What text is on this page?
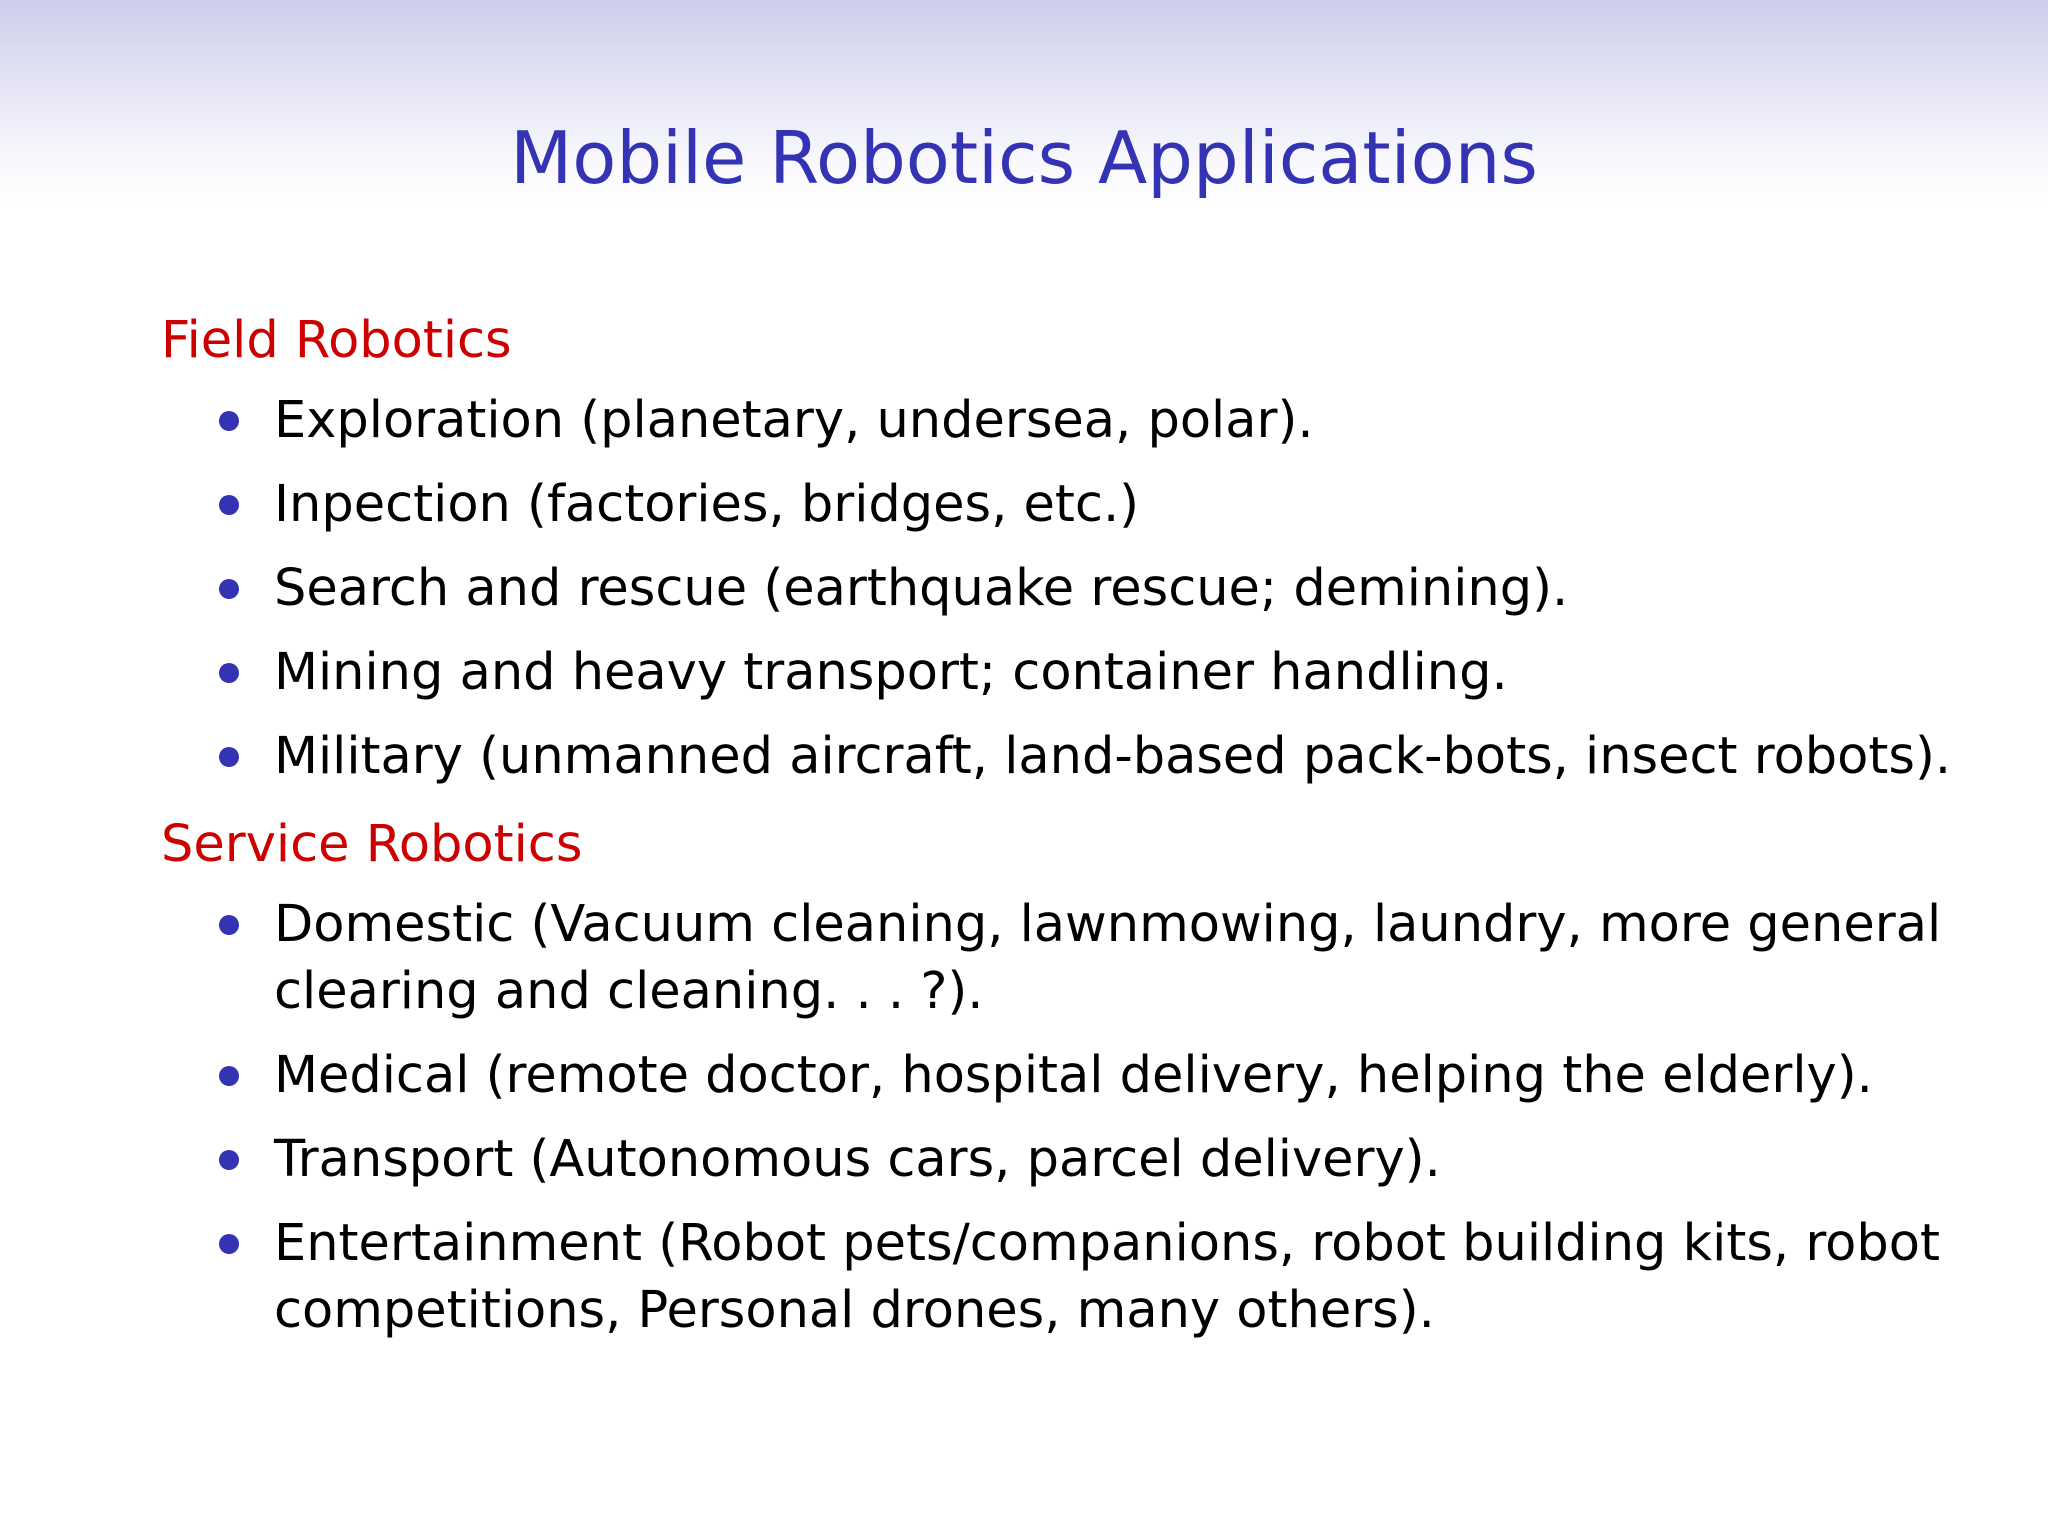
Mobile Robotics Applications
Field Robotics
Exploration (planetary, undersea, polar).
Inpection (factories, bridges, etc.)
Search and rescue (earthquake rescue; demining).
Mining and heavy transport; container handling.
Military (unmanned aircraft, land-based pack-bots, insect robots).
Service Robotics
Domestic (Vacuum cleaning, lawnmowing, laundry, more general clearing and cleaning. . . ?).
Medical (remote doctor, hospital delivery, helping the elderly).
Transport (Autonomous cars, parcel delivery).
Entertainment (Robot pets/companions, robot building kits, robot competitions, Personal drones, many others).
